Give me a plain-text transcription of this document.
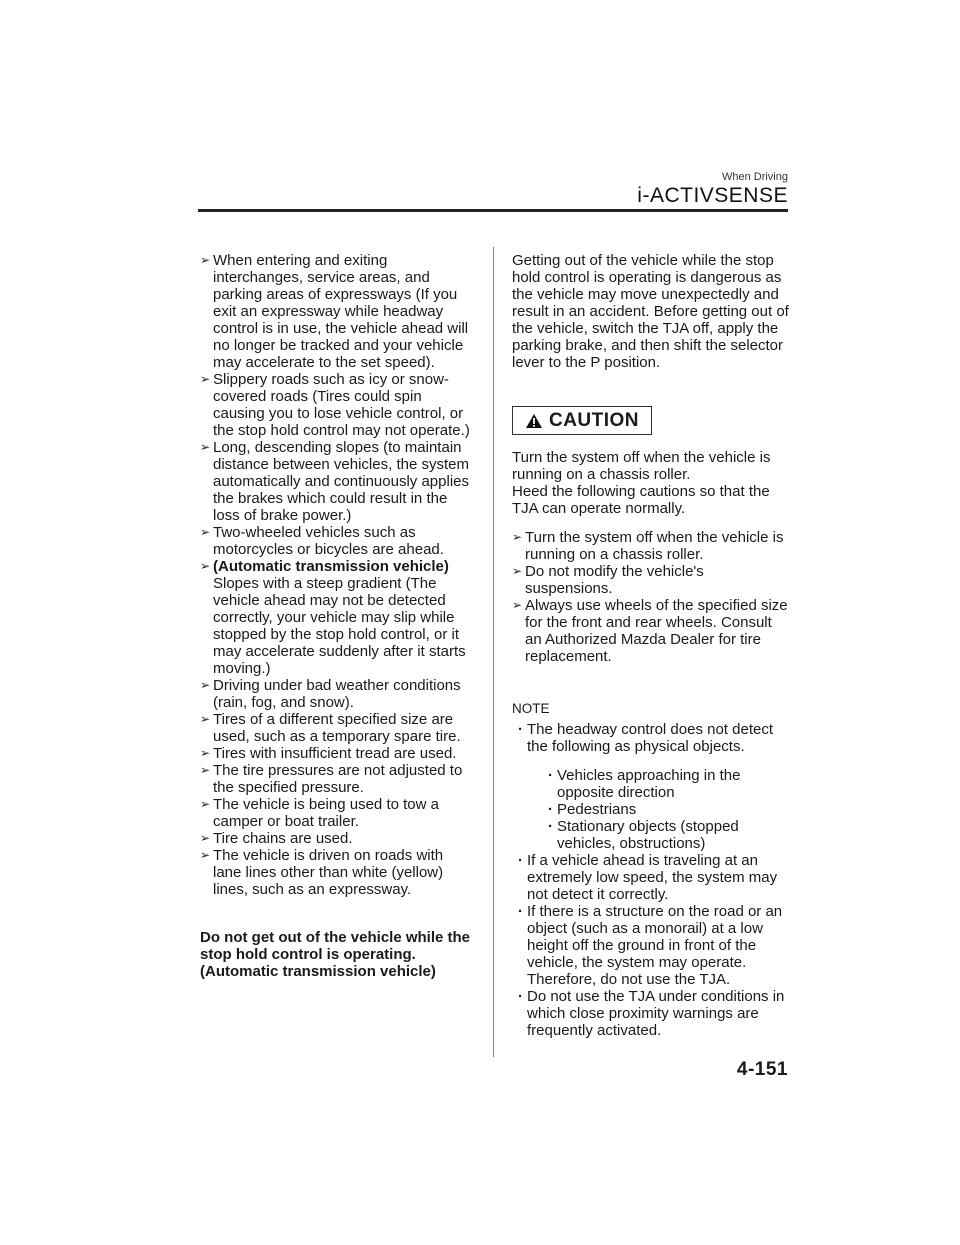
When Driving
i-ACTIVSENSE
➢ When entering and exiting interchanges, service areas, and parking areas of expressways (If you exit an expressway while headway control is in use, the vehicle ahead will no longer be tracked and your vehicle may accelerate to the set speed).
➢ Slippery roads such as icy or snow-covered roads (Tires could spin causing you to lose vehicle control, or the stop hold control may not operate.)
➢ Long, descending slopes (to maintain distance between vehicles, the system automatically and continuously applies the brakes which could result in the loss of brake power.)
➢ Two-wheeled vehicles such as motorcycles or bicycles are ahead.
➢ (Automatic transmission vehicle)
Slopes with a steep gradient (The vehicle ahead may not be detected correctly, your vehicle may slip while stopped by the stop hold control, or it may accelerate suddenly after it starts moving.)
➢ Driving under bad weather conditions (rain, fog, and snow).
➢ Tires of a different specified size are used, such as a temporary spare tire.
➢ Tires with insufficient tread are used.
➢ The tire pressures are not adjusted to the specified pressure.
➢ The vehicle is being used to tow a camper or boat trailer.
➢ Tire chains are used.
➢ The vehicle is driven on roads with lane lines other than white (yellow) lines, such as an expressway.
Do not get out of the vehicle while the stop hold control is operating. (Automatic transmission vehicle)
Getting out of the vehicle while the stop hold control is operating is dangerous as the vehicle may move unexpectedly and result in an accident. Before getting out of the vehicle, switch the TJA off, apply the parking brake, and then shift the selector lever to the P position.
CAUTION
Turn the system off when the vehicle is running on a chassis roller.
Heed the following cautions so that the TJA can operate normally.
➢ Turn the system off when the vehicle is running on a chassis roller.
➢ Do not modify the vehicle's suspensions.
➢ Always use wheels of the specified size for the front and rear wheels. Consult an Authorized Mazda Dealer for tire replacement.
NOTE
· The headway control does not detect the following as physical objects.
· Vehicles approaching in the opposite direction
· Pedestrians
· Stationary objects (stopped vehicles, obstructions)
· If a vehicle ahead is traveling at an extremely low speed, the system may not detect it correctly.
· If there is a structure on the road or an object (such as a monorail) at a low height off the ground in front of the vehicle, the system may operate. Therefore, do not use the TJA.
· Do not use the TJA under conditions in which close proximity warnings are frequently activated.
4-151
